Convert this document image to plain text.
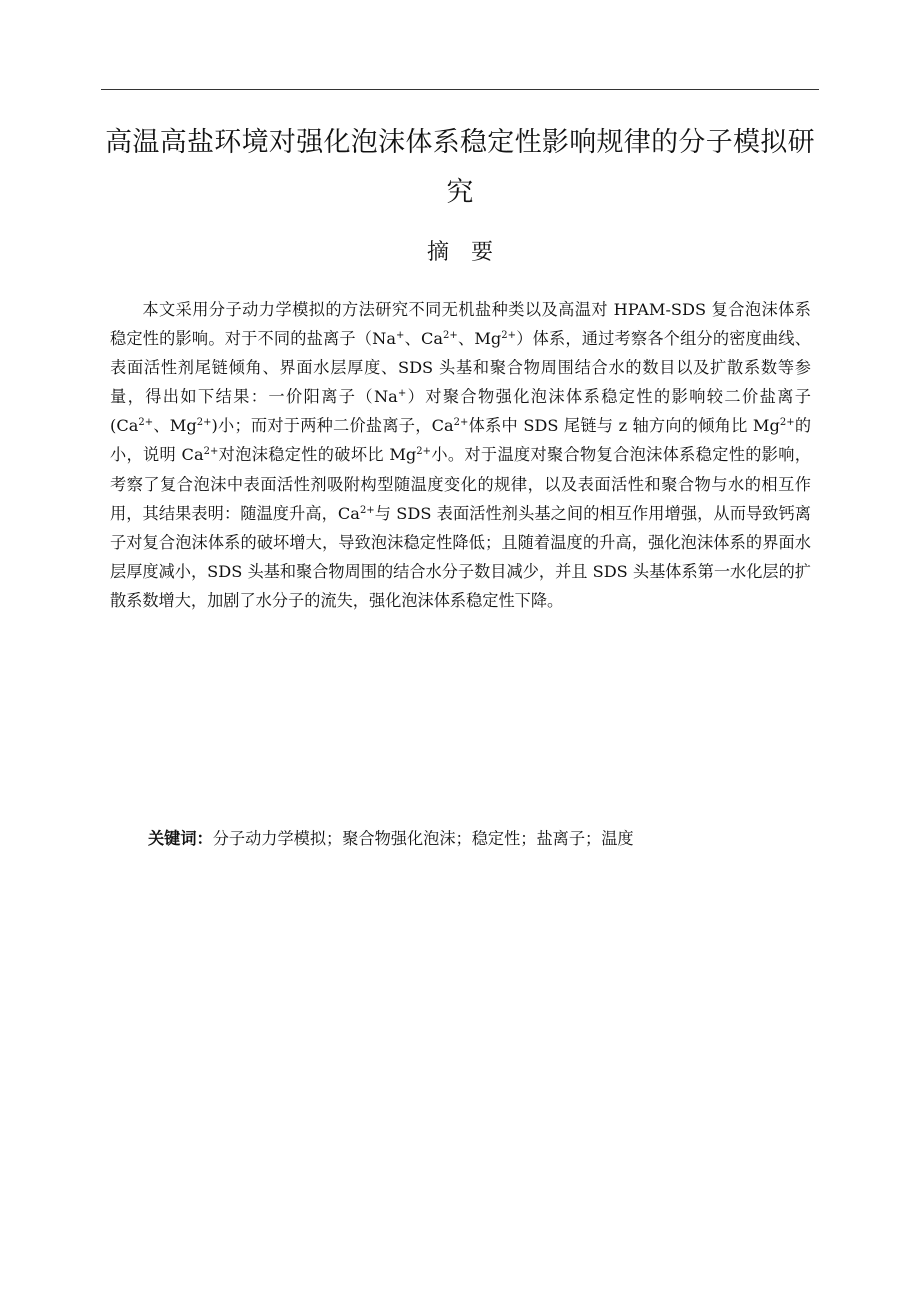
高温高盐环境对强化泡沫体系稳定性影响规律的分子模拟研究
摘 要

本文采用分子动力学模拟的方法研究不同无机盐种类以及高温对 HPAM-SDS 复合泡沫体系稳定性的影响。对于不同的盐离子（Na+、$Ca^{2+}$、$Mg^{2+}$）体系，通过考察各个组分的密度曲线、表面活性剂尾链倾角、界面水层厚度、SDS 头基和聚合物周围结合水的数目以及扩散系数等参量，得出如下结果：一价阳离子（Na+）对聚合物强化泡沫体系稳定性的影响较二价盐离子($Ca^{2+}$、$Mg^{2+}$)小；而对于两种二价盐离子，$Ca^{2+}$体系中 SDS 尾链与 z 轴方向的倾角比 $Mg^{2+}$的小，说明 $Ca^{2+}$对泡沫稳定性的破坏比 $Mg^{2+}$小。对于温度对聚合物复合泡沫体系稳定性的影响，考察了复合泡沫中表面活性剂吸附构型随温度变化的规律，以及表面活性和聚合物与水的相互作用，其结果表明：随温度升高，$Ca^{2+}$与 SDS 表面活性剂头基之间的相互作用增强，从而导致钙离子对复合泡沫体系的破坏增大，导致泡沫稳定性降低；且随着温度的升高，强化泡沫体系的界面水层厚度减小，SDS 头基和聚合物周围的结合水分子数目减少，并且 SDS 头基体系第一水化层的扩散系数增大，加剧了水分子的流失，强化泡沫体系稳定性下降。

关键词：分子动力学模拟；聚合物强化泡沫；稳定性；盐离子；温度
